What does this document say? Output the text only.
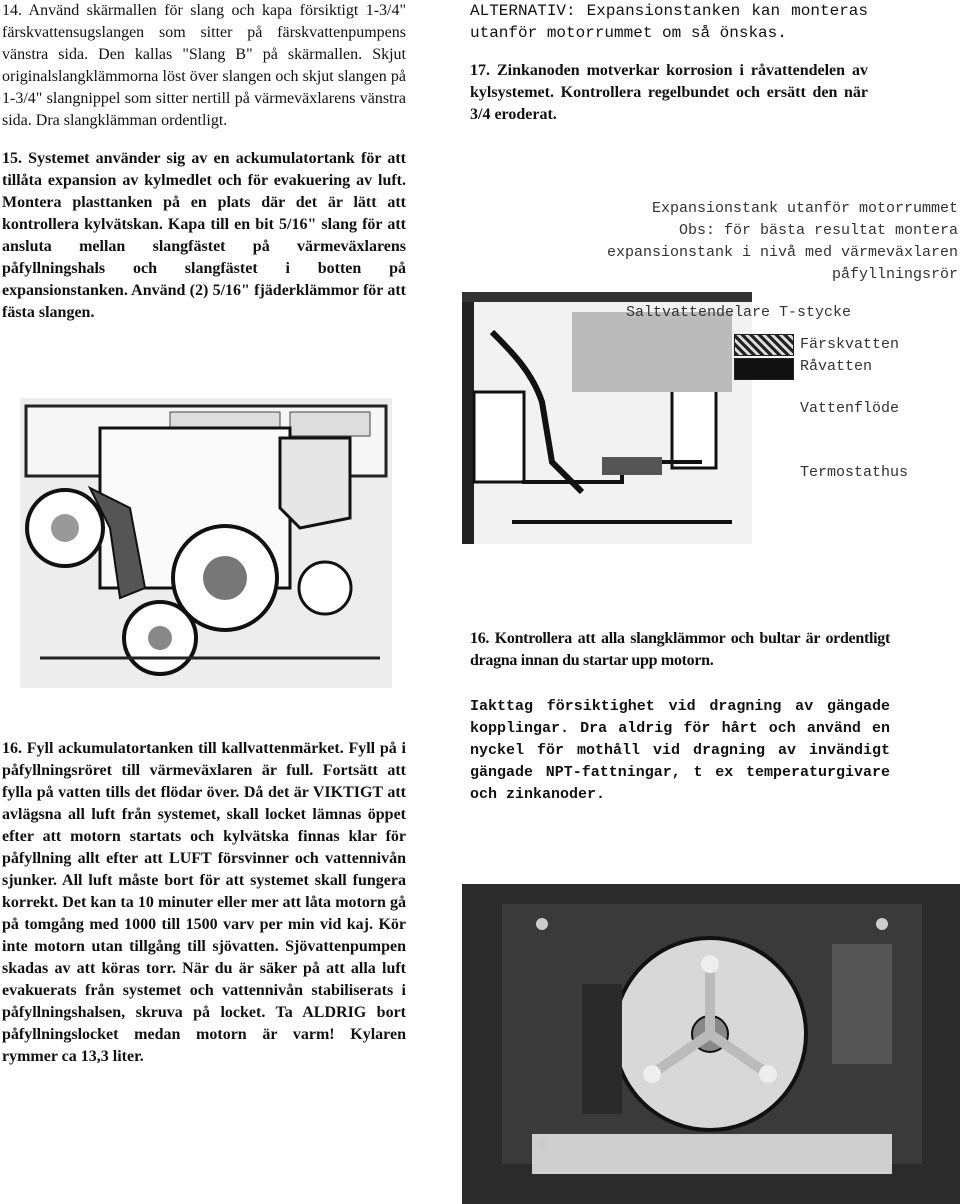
14. Använd skärmallen för slang och kapa försiktigt 1-3/4" färskvattensugslangen som sitter på färskvattenpumpens vänstra sida. Den kallas "Slang B" på skärmallen. Skjut originalslangklämmorna löst över slangen och skjut slangen på 1-3/4" slangnippel som sitter nertill på värmeväxlarens vänstra sida. Dra slangklämman ordentligt.

15. Systemet använder sig av en ackumulatortank för att tillåta expansion av kylmedlet och för evakuering av luft. Montera plasttanken på en plats där det är lätt att kontrollera kylvätskan. Kapa till en bit 5/16" slang för att ansluta mellan slangfästet på värmeväxlarens påfyllningshals och slangfästet i botten på expansionstanken. Använd (2) 5/16" fjäderklämmor för att fästa slangen.

16. Fyll ackumulatortanken till kallvattenmärket. Fyll på i påfyllningsröret till värmeväxlaren är full. Fortsätt att fylla på vatten tills det flödar över. Då det är VIKTIGT att avlägsna all luft från systemet, skall locket lämnas öppet efter att motorn startats och kylvätska finnas klar för påfyllning allt efter att LUFT försvinner och vattennivån sjunker. All luft måste bort för att systemet skall fungera korrekt. Det kan ta 10 minuter eller mer att låta motorn gå på tomgång med 1000 till 1500 varv per min vid kaj. Kör inte motorn utan tillgång till sjövatten. Sjövattenpumpen skadas av att köras torr. När du är säker på att alla luft evakuerats från systemet och vattennivån stabiliserats i påfyllningshalsen, skruva på locket. Ta ALDRIG bort påfyllningslocket medan motorn är varm! Kylaren rymmer ca 13,3 liter.

ALTERNATIV: Expansionstanken kan monteras utanför motorrummet om så önskas.

17. Zinkanoden motverkar korrosion i råvattendelen av kylsystemet. Kontrollera regelbundet och ersätt den när 3/4 eroderat.

Expansionstank utanför motorrummet
Obs: för bästa resultat montera
expansionstank i nivå med värmeväxlaren
påfyllningsrör
Saltvattendelare T-stycke
Färskvatten
Råvatten
Vattenflöde
Termostathus

16. Kontrollera att alla slangklämmor och bultar är ordentligt dragna innan du startar upp motorn.

Iakttag försiktighet vid dragning av gängade kopplingar. Dra aldrig för hårt och använd en nyckel för mothåll vid dragning av invändigt gängade NPT-fattningar, t ex temperaturgivare och zinkanoder.
